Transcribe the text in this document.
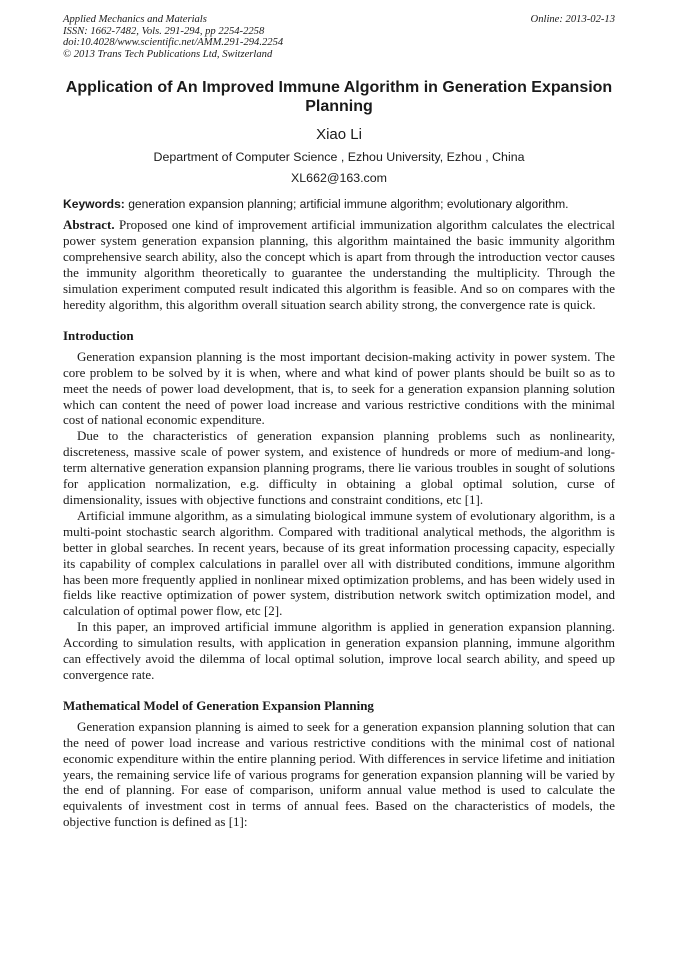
Applied Mechanics and Materials
ISSN: 1662-7482, Vols. 291-294, pp 2254-2258
doi:10.4028/www.scientific.net/AMM.291-294.2254
© 2013 Trans Tech Publications Ltd, Switzerland
Online: 2013-02-13
Application of An Improved Immune Algorithm in Generation Expansion Planning
Xiao Li
Department of Computer Science , Ezhou University, Ezhou , China
XL662@163.com
Keywords: generation expansion planning; artificial immune algorithm; evolutionary algorithm.

Abstract. Proposed one kind of improvement artificial immunization algorithm calculates the electrical power system generation expansion planning, this algorithm maintained the basic immunity algorithm comprehensive search ability, also the concept which is apart from through the introduction vector causes the immunity algorithm theoretically to guarantee the understanding the multiplicity. Through the simulation experiment computed result indicated this algorithm is feasible. And so on compares with the heredity algorithm, this algorithm overall situation search ability strong, the convergence rate is quick.

Introduction

Generation expansion planning is the most important decision-making activity in power system. The core problem to be solved by it is when, where and what kind of power plants should be built so as to meet the needs of power load development, that is, to seek for a generation expansion planning solution which can content the need of power load increase and various restrictive conditions with the minimal cost of national economic expenditure.

Due to the characteristics of generation expansion planning problems such as nonlinearity, discreteness, massive scale of power system, and existence of hundreds or more of medium-and long-term alternative generation expansion planning programs, there lie various troubles in sought of solutions for application normalization, e.g. difficulty in obtaining a global optimal solution, curse of dimensionality, issues with objective functions and constraint conditions, etc [1].

Artificial immune algorithm, as a simulating biological immune system of evolutionary algorithm, is a multi-point stochastic search algorithm. Compared with traditional analytical methods, the algorithm is better in global searches. In recent years, because of its great information processing capacity, especially its capability of complex calculations in parallel over all with distributed conditions, immune algorithm has been more frequently applied in nonlinear mixed optimization problems, and has been widely used in fields like reactive optimization of power system, distribution network switch optimization model, and calculation of optimal power flow, etc [2].

In this paper, an improved artificial immune algorithm is applied in generation expansion planning. According to simulation results, with application in generation expansion planning, immune algorithm can effectively avoid the dilemma of local optimal solution, improve local search ability, and speed up convergence rate.

Mathematical Model of Generation Expansion Planning

Generation expansion planning is aimed to seek for a generation expansion planning solution that can the need of power load increase and various restrictive conditions with the minimal cost of national economic expenditure within the entire planning period. With differences in service lifetime and initiation years, the remaining service life of various programs for generation expansion planning will be varied by the end of planning. For ease of comparison, uniform annual value method is used to calculate the equivalents of investment cost in terms of annual fees. Based on the characteristics of models, the objective function is defined as [1]:
